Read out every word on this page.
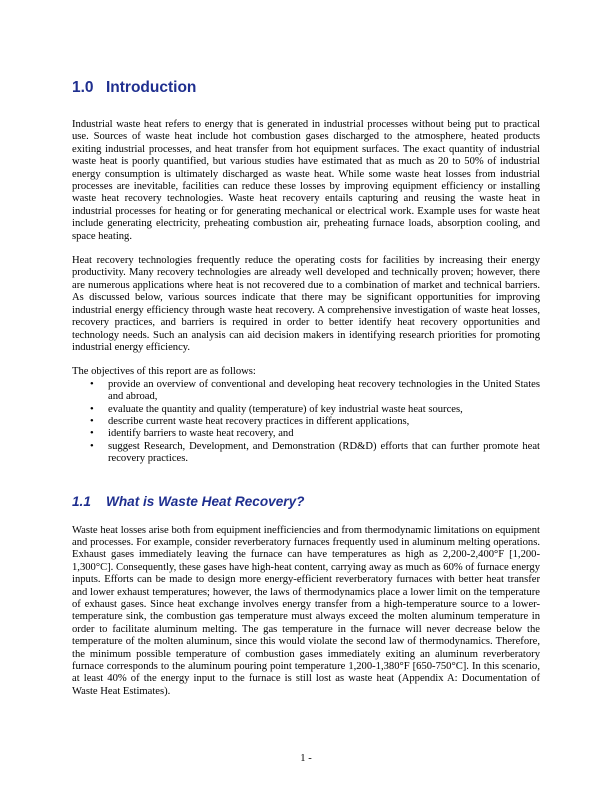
1.0 Introduction

Industrial waste heat refers to energy that is generated in industrial processes without being put to practical use. Sources of waste heat include hot combustion gases discharged to the atmosphere, heated products exiting industrial processes, and heat transfer from hot equipment surfaces. The exact quantity of industrial waste heat is poorly quantified, but various studies have estimated that as much as 20 to 50% of industrial energy consumption is ultimately discharged as waste heat. While some waste heat losses from industrial processes are inevitable, facilities can reduce these losses by improving equipment efficiency or installing waste heat recovery technologies. Waste heat recovery entails capturing and reusing the waste heat in industrial processes for heating or for generating mechanical or electrical work. Example uses for waste heat include generating electricity, preheating combustion air, preheating furnace loads, absorption cooling, and space heating.

Heat recovery technologies frequently reduce the operating costs for facilities by increasing their energy productivity. Many recovery technologies are already well developed and technically proven; however, there are numerous applications where heat is not recovered due to a combination of market and technical barriers. As discussed below, various sources indicate that there may be significant opportunities for improving industrial energy efficiency through waste heat recovery. A comprehensive investigation of waste heat losses, recovery practices, and barriers is required in order to better identify heat recovery opportunities and technology needs. Such an analysis can aid decision makers in identifying research priorities for promoting industrial energy efficiency.

The objectives of this report are as follows:

• provide an overview of conventional and developing heat recovery technologies in the United States and abroad,
• evaluate the quantity and quality (temperature) of key industrial waste heat sources,
• describe current waste heat recovery practices in different applications,
• identify barriers to waste heat recovery, and
• suggest Research, Development, and Demonstration (RD&D) efforts that can further promote heat recovery practices.
1.1	What is Waste Heat Recovery?

Waste heat losses arise both from equipment inefficiencies and from thermodynamic limitations on equipment and processes. For example, consider reverberatory furnaces frequently used in aluminum melting operations. Exhaust gases immediately leaving the furnace can have temperatures as high as 2,200-2,400°F [1,200-1,300°C]. Consequently, these gases have high-heat content, carrying away as much as 60% of furnace energy inputs. Efforts can be made to design more energy-efficient reverberatory furnaces with better heat transfer and lower exhaust temperatures; however, the laws of thermodynamics place a lower limit on the temperature of exhaust gases. Since heat exchange involves energy transfer from a high-temperature source to a lower-temperature sink, the combustion gas temperature must always exceed the molten aluminum temperature in order to facilitate aluminum melting. The gas temperature in the furnace will never decrease below the temperature of the molten aluminum, since this would violate the second law of thermodynamics. Therefore, the minimum possible temperature of combustion gases immediately exiting an aluminum reverberatory furnace corresponds to the aluminum pouring point temperature 1,200-1,380°F [650-750°C]. In this scenario, at least 40% of the energy input to the furnace is still lost as waste heat (Appendix A: Documentation of Waste Heat Estimates).

1 -
